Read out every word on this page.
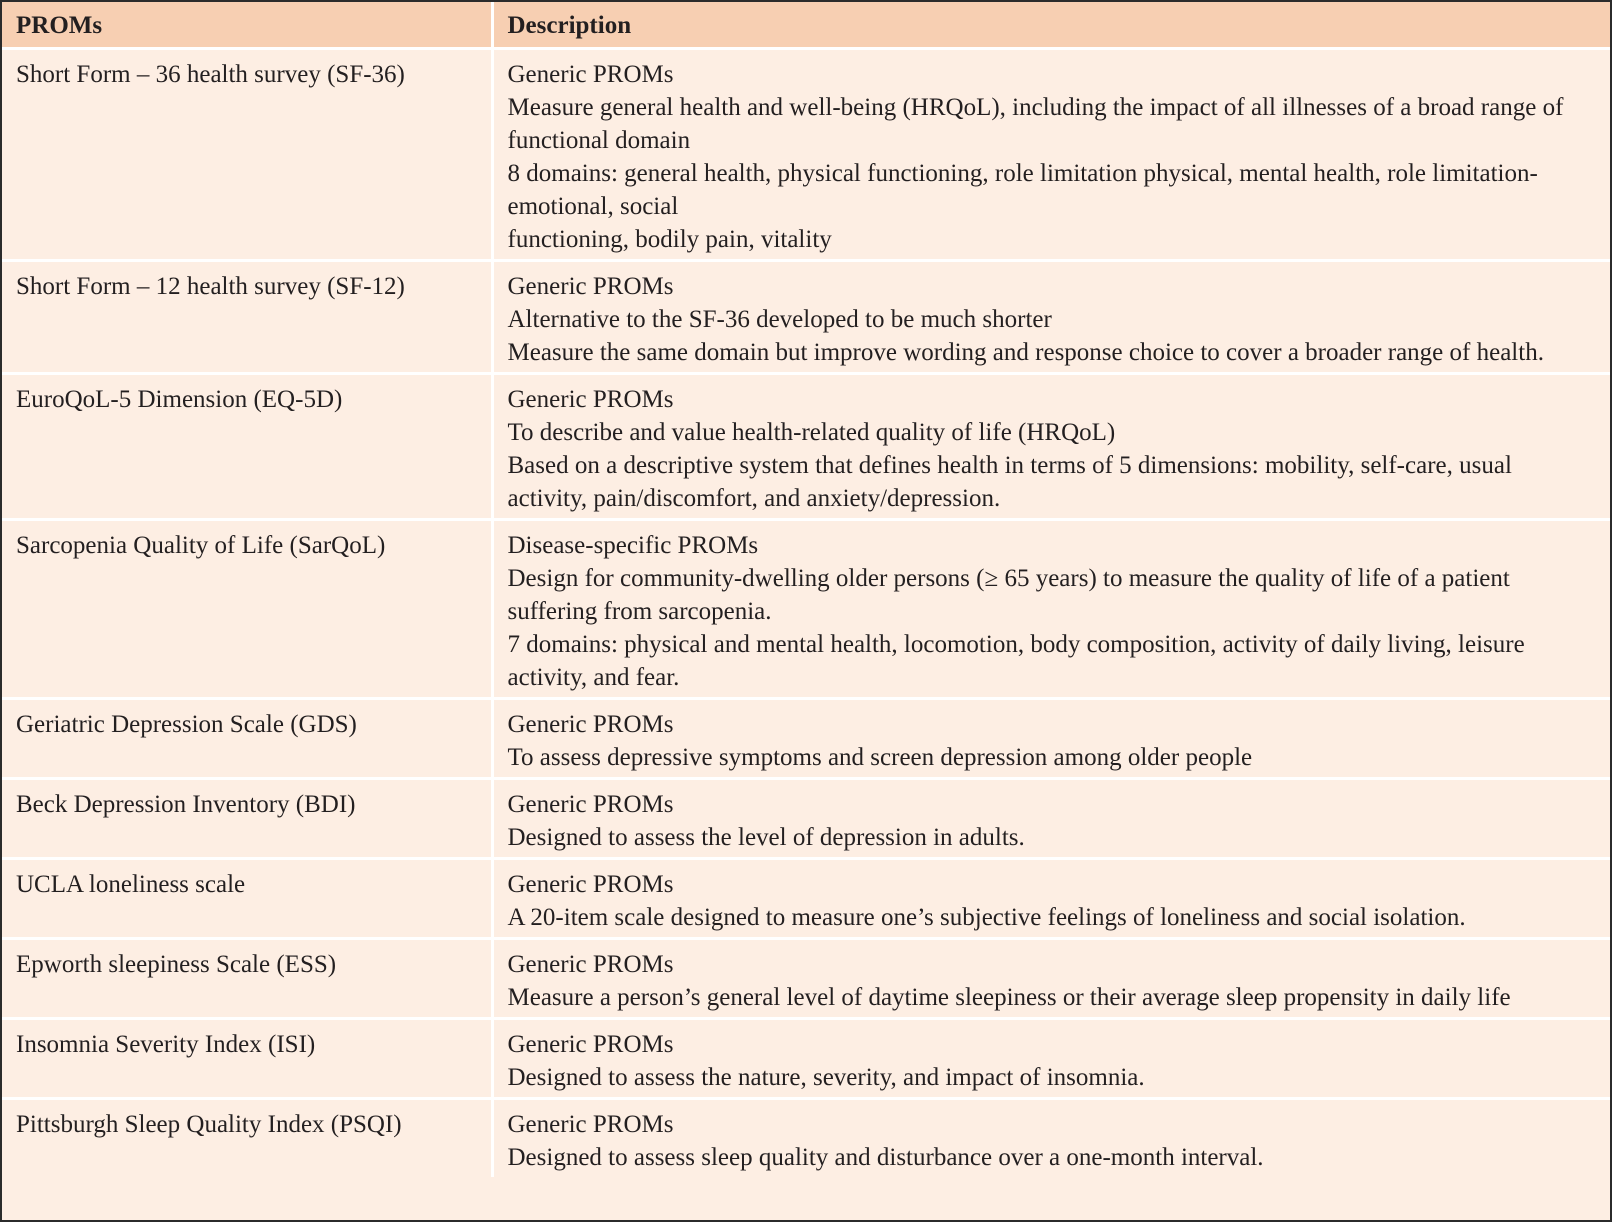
PROMs	Description
Short Form – 36 health survey (SF-36)	Generic PROMs
Measure general health and well-being (HRQoL), including the impact of all illnesses of a broad range of functional domain
8 domains: general health, physical functioning, role limitation physical, mental health, role limitation-emotional, social
functioning, bodily pain, vitality

Short Form – 12 health survey (SF-12)	Generic PROMs
Alternative to the SF-36 developed to be much shorter
Measure the same domain but improve wording and response choice to cover a broader range of health.

EuroQoL-5 Dimension (EQ-5D)	Generic PROMs
To describe and value health-related quality of life (HRQoL)
Based on a descriptive system that defines health in terms of 5 dimensions: mobility, self-care, usual activity, pain/discomfort, and anxiety/depression.

Sarcopenia Quality of Life (SarQoL)	Disease-specific PROMs
Design for community-dwelling older persons (≥ 65 years) to measure the quality of life of a patient suffering from sarcopenia.
7 domains: physical and mental health, locomotion, body composition, activity of daily living, leisure activity, and fear.

Geriatric Depression Scale (GDS)	Generic PROMs
To assess depressive symptoms and screen depression among older people

Beck Depression Inventory (BDI)	Generic PROMs
Designed to assess the level of depression in adults.

UCLA loneliness scale	Generic PROMs
A 20-item scale designed to measure one’s subjective feelings of loneliness and social isolation.

Epworth sleepiness Scale (ESS)	Generic PROMs
Measure a person’s general level of daytime sleepiness or their average sleep propensity in daily life

Insomnia Severity Index (ISI)	Generic PROMs
Designed to assess the nature, severity, and impact of insomnia.

Pittsburgh Sleep Quality Index (PSQI)	Generic PROMs
Designed to assess sleep quality and disturbance over a one-month interval.
